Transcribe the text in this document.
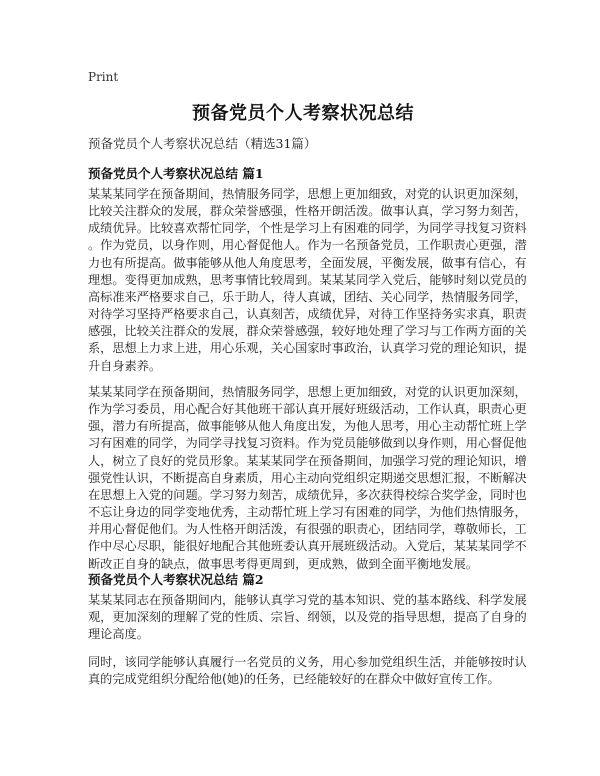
Print
预备党员个人考察状况总结
预备党员个人考察状况总结（精选31篇）
预备党员个人考察状况总结 篇1
某某某同学在预备期间，热情服务同学，思想上更加细致，对党的认识更加深刻，
比较关注群众的发展，群众荣誉感强，性格开朗活泼。做事认真，学习努力刻苦，
成绩优异。比较喜欢帮忙同学，个性是学习上有困难的同学，为同学寻找复习资料
。作为党员，以身作则，用心督促他人。作为一名预备党员，工作职责心更强，潜
力也有所提高。做事能够从他人角度思考，全面发展，平衡发展，做事有信心，有
理想。变得更加成熟，思考事情比较周到。某某某同学入党后，能够时刻以党员的
高标准来严格要求自己，乐于助人，待人真诚，团结、关心同学，热情服务同学，
对待学习坚持严格要求自己，认真刻苦，成绩优异，对待工作坚持务实求真，职责
感强，比较关注群众的发展，群众荣誉感强，较好地处理了学习与工作两方面的关
系，思想上力求上进，用心乐观，关心国家时事政治，认真学习党的理论知识，提
升自身素养。
某某某同学在预备期间，热情服务同学，思想上更加细致，对党的认识更加深刻，
作为学习委员，用心配合好其他班干部认真开展好班级活动，工作认真，职责心更
强，潜力有所提高，做事能够从他人角度出发，为他人思考，用心主动帮忙班上学
习有困难的同学，为同学寻找复习资料。作为党员能够做到以身作则，用心督促他
人，树立了良好的党员形象。某某某同学在预备期间，加强学习党的理论知识，增
强党性认识，不断提高自身素质，用心主动向党组织定期递交思想汇报，不断解决
在思想上入党的问题。学习努力刻苦，成绩优异，多次获得校综合奖学金，同时也
不忘让身边的同学变地优秀，主动帮忙班上学习有困难的同学，为他们热情服务，
并用心督促他们。为人性格开朗活泼，有很强的职责心，团结同学，尊敬师长，工
作中尽心尽职，能很好地配合其他班委认真开展班级活动。入党后，某某某同学不
断改正自身的缺点，做事思考得更周到，更成熟，做到全面平衡地发展。
预备党员个人考察状况总结 篇2
某某某同志在预备期间内，能够认真学习党的基本知识、党的基本路线、科学发展
观，更加深刻的理解了党的性质、宗旨、纲领，以及党的指导思想，提高了自身的
理论高度。
同时，该同学能够认真履行一名党员的义务，用心参加党组织生活，并能够按时认
真的完成党组织分配给他(她)的任务，已经能较好的在群众中做好宣传工作。
